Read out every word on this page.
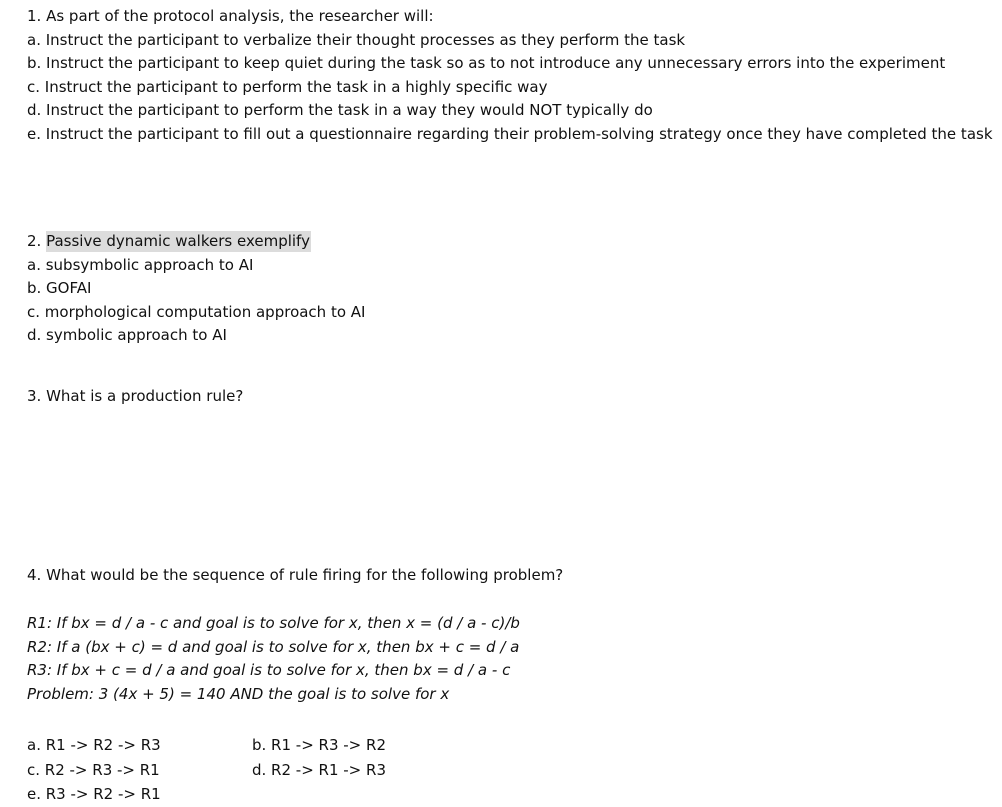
1. As part of the protocol analysis, the researcher will:
a. Instruct the participant to verbalize their thought processes as they perform the task
b. Instruct the participant to keep quiet during the task so as to not introduce any unnecessary errors into the experiment
c. Instruct the participant to perform the task in a highly specific way
d. Instruct the participant to perform the task in a way they would NOT typically do
e. Instruct the participant to fill out a questionnaire regarding their problem-solving strategy once they have completed the task
2. Passive dynamic walkers exemplify
a. subsymbolic approach to AI
b. GOFAI
c. morphological computation approach to AI
d. symbolic approach to AI
3. What is a production rule?
4. What would be the sequence of rule firing for the following problem?
R1: If bx = d / a - c and goal is to solve for x, then x = (d / a - c)/b
R2: If a (bx + c) = d and goal is to solve for x, then bx + c = d / a
R3: If bx + c = d / a and goal is to solve for x, then bx = d / a - c
Problem: 3 (4x + 5) = 140 AND the goal is to solve for x
a. R1 -> R2 -> R3	b. R1 -> R3 -> R2
c. R2 -> R3 -> R1	d. R2 -> R1 -> R3
e. R3 -> R2 -> R1
